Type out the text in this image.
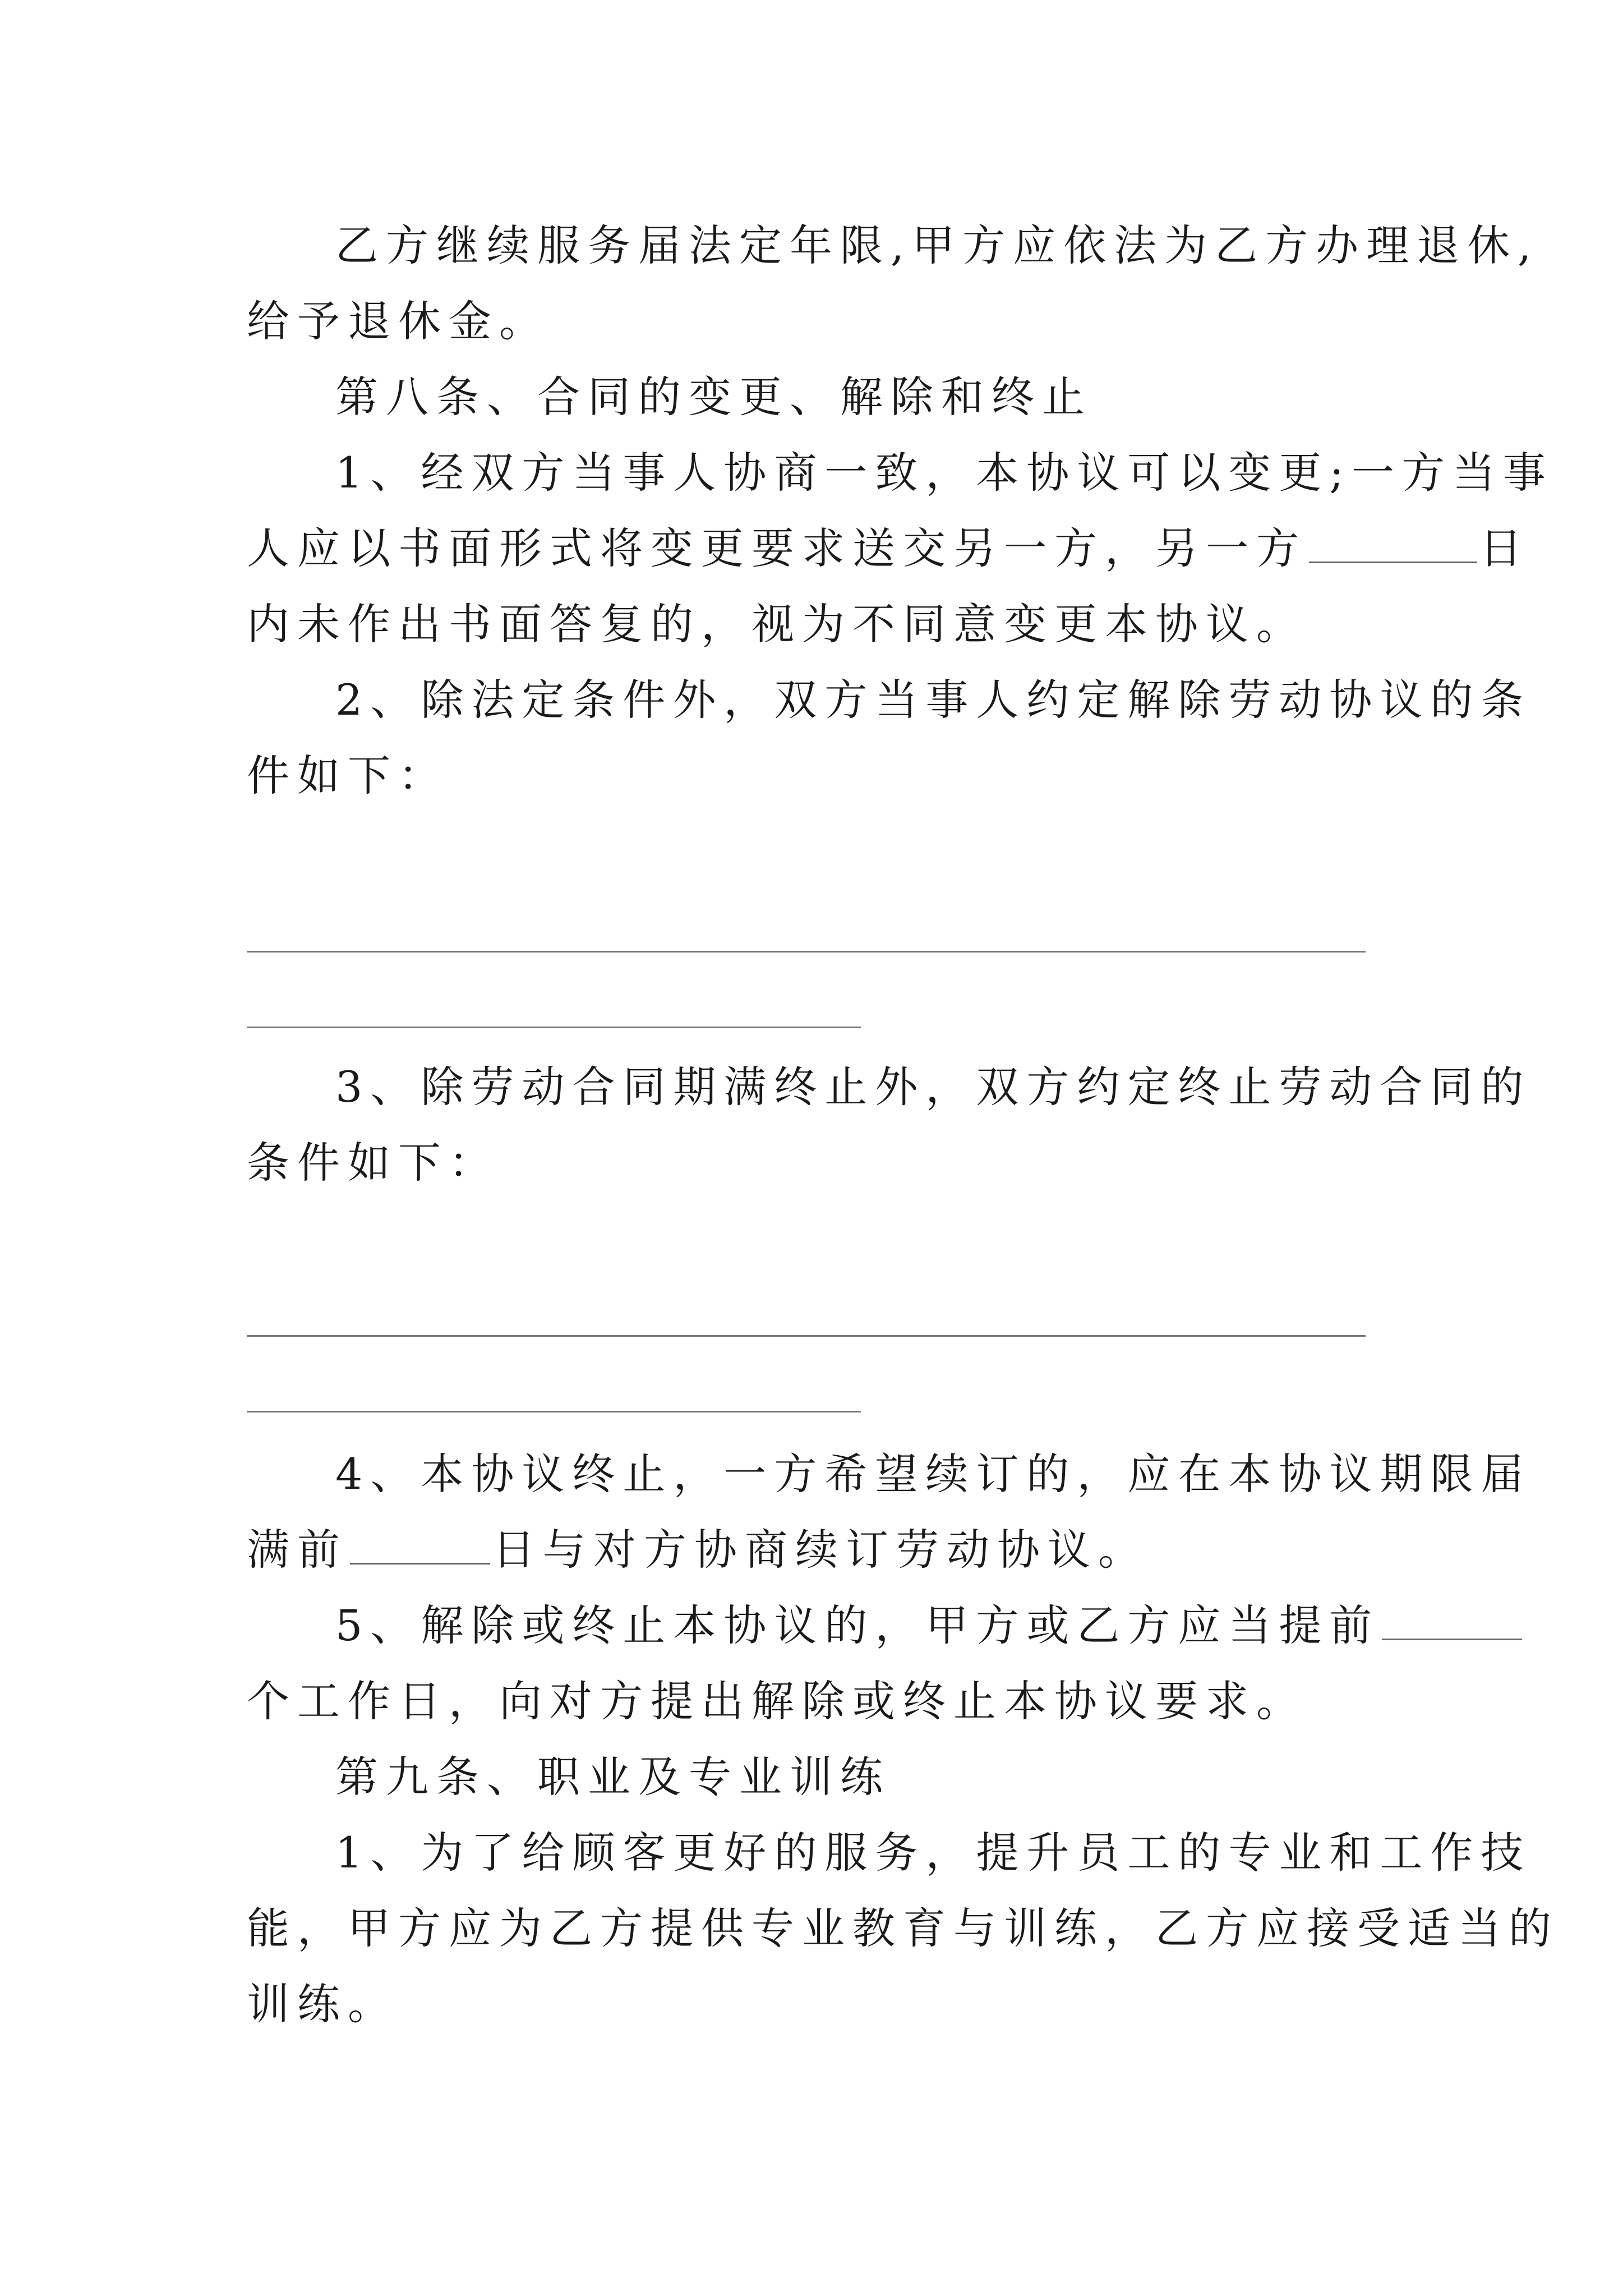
乙方继续服务届法定年限,甲方应依法为乙方办理退休,
给予退休金。
第八条、合同的变更、解除和终止
1、经双方当事人协商一致，本协议可以变更;一方当事
人应以书面形式将变更要求送交另一方，另一方	日
内未作出书面答复的，视为不同意变更本协议。
2、除法定条件外，双方当事人约定解除劳动协议的条
件如下：
3、除劳动合同期满终止外，双方约定终止劳动合同的
条件如下：
4、本协议终止，一方希望续订的，应在本协议期限届
满前	日与对方协商续订劳动协议。
5、解除或终止本协议的，甲方或乙方应当提前
个工作日，向对方提出解除或终止本协议要求。
第九条、职业及专业训练
1、为了给顾客更好的服务，提升员工的专业和工作技
能，甲方应为乙方提供专业教育与训练，乙方应接受适当的
训练。
